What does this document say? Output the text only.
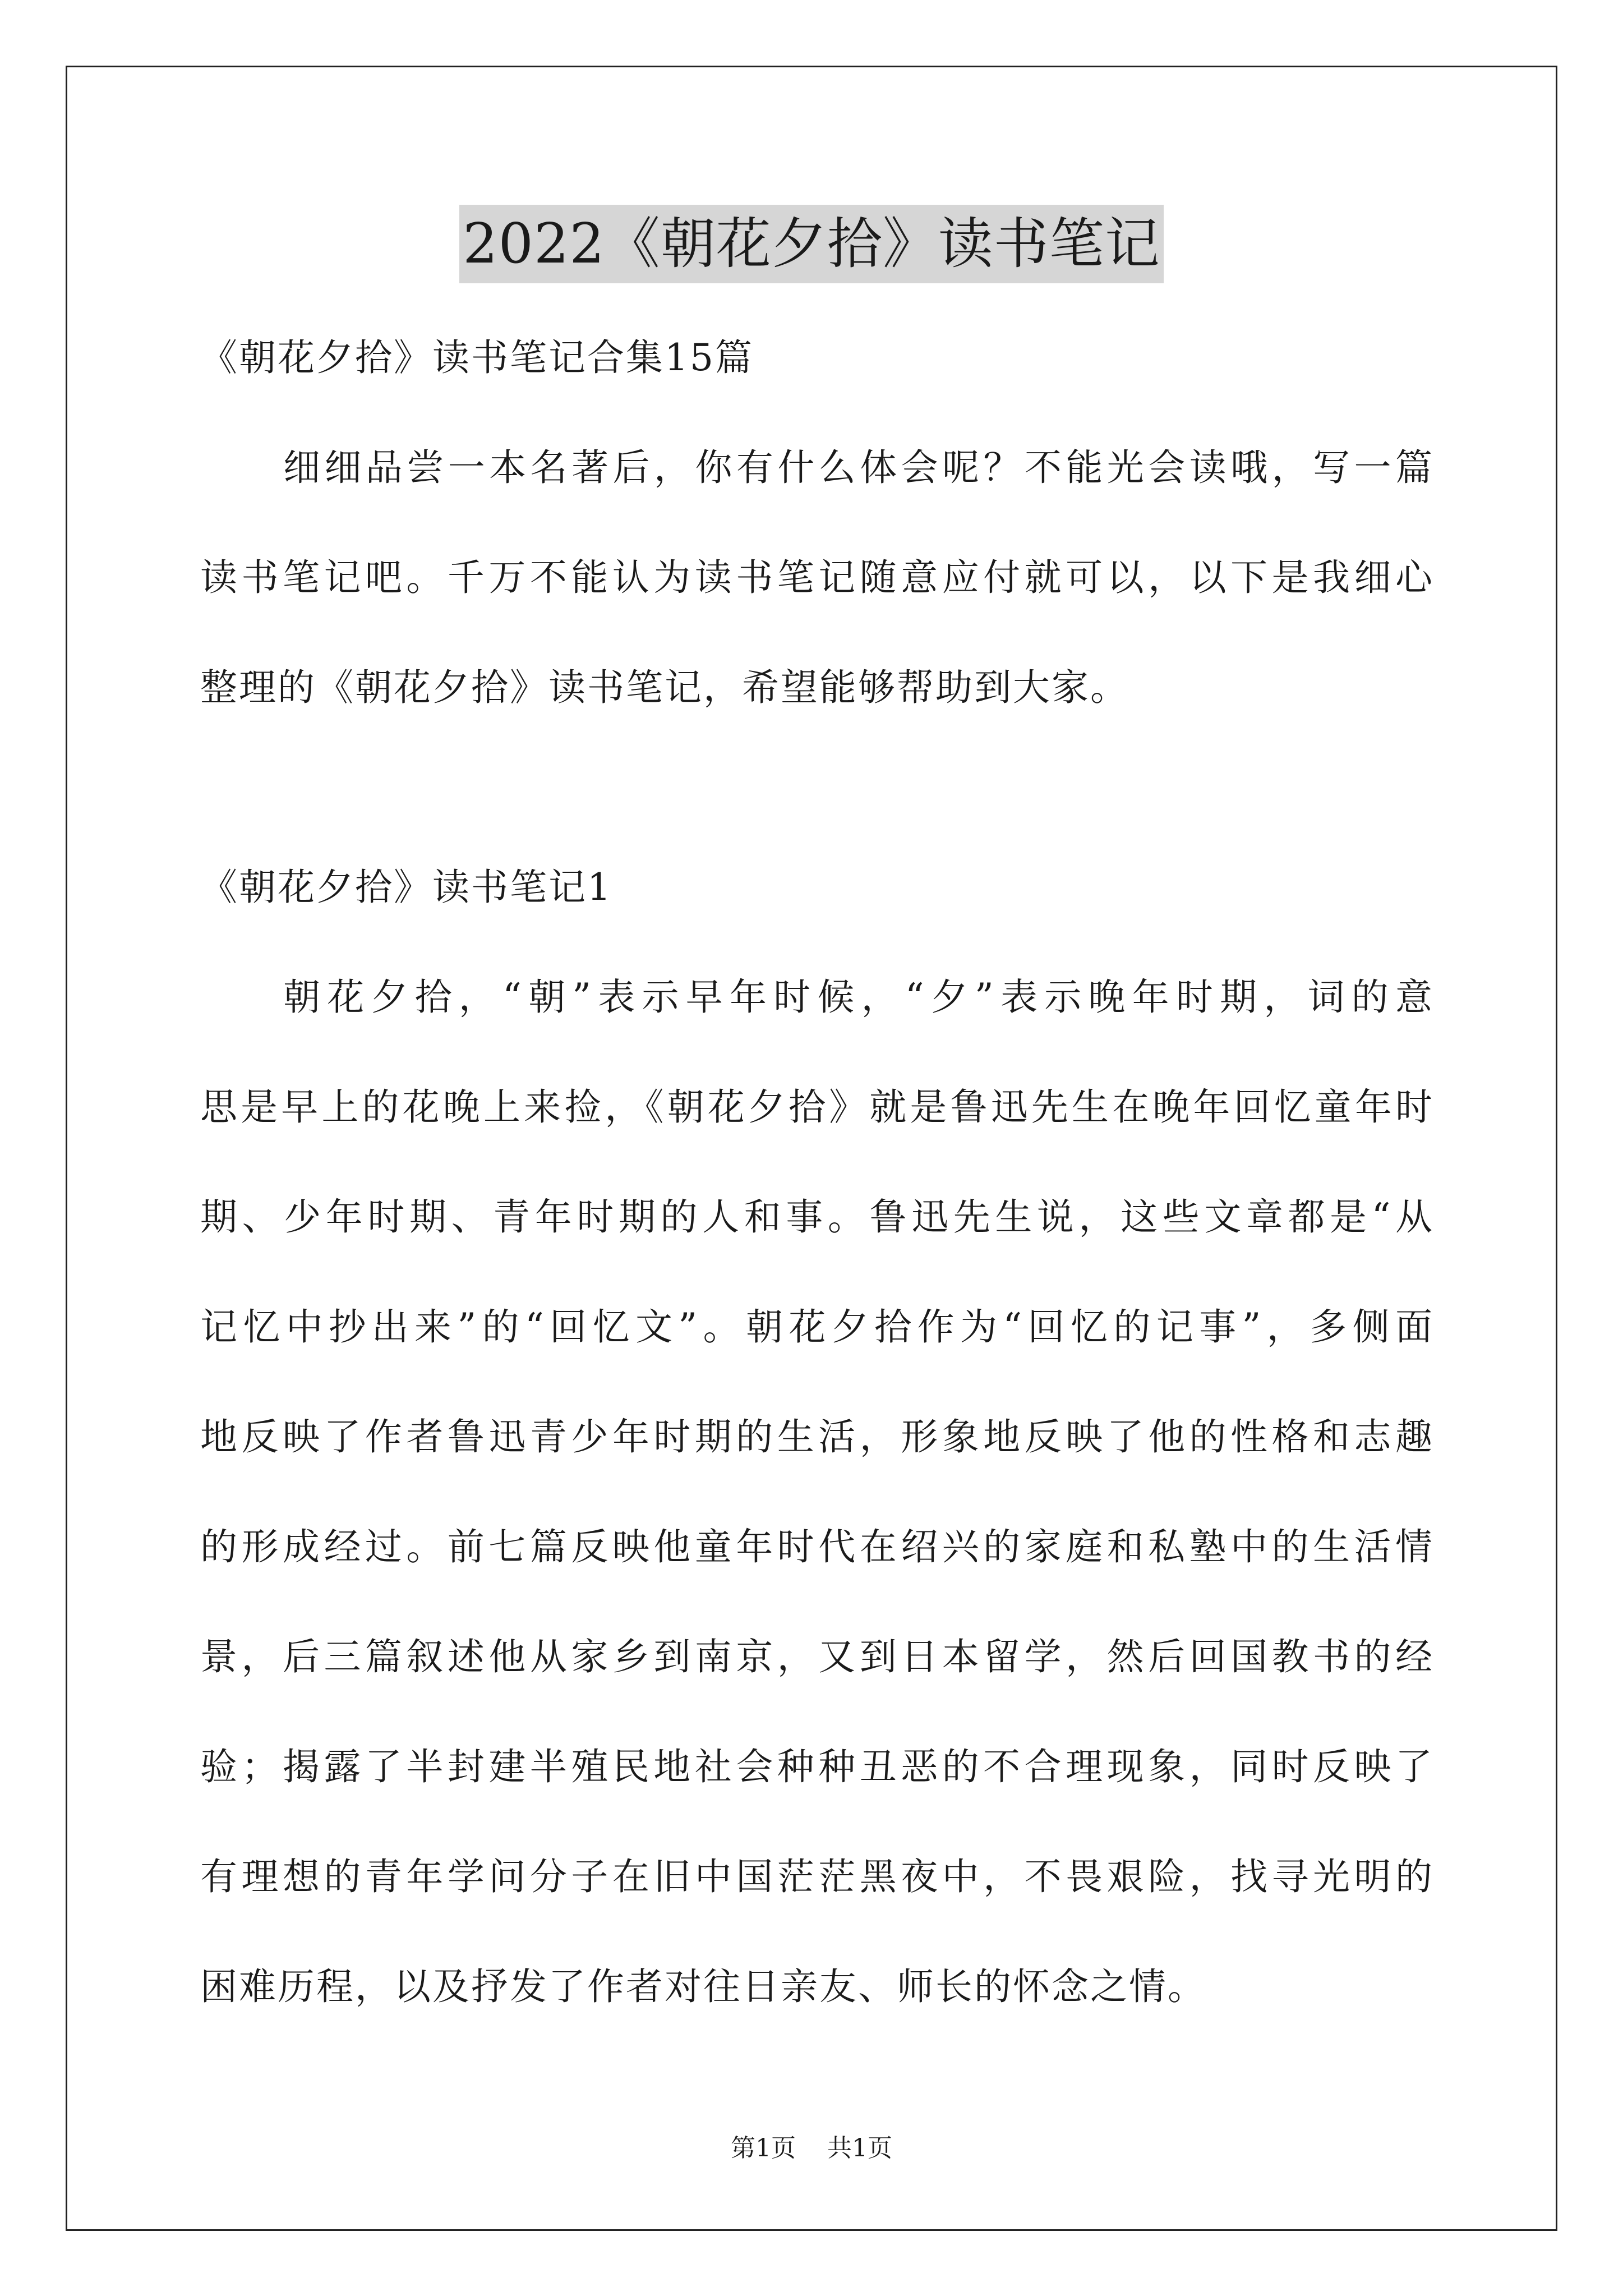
2022《朝花夕拾》读书笔记
《朝花夕拾》读书笔记合集15篇
细细品尝一本名著后，你有什么体会呢？不能光会读哦，写一篇
读书笔记吧。千万不能认为读书笔记随意应付就可以，以下是我细心
整理的《朝花夕拾》读书笔记，希望能够帮助到大家。
《朝花夕拾》读书笔记1
朝花夕拾，“朝”表示早年时候，“夕”表示晚年时期，词的意
思是早上的花晚上来捡，《朝花夕拾》就是鲁迅先生在晚年回忆童年时
期、少年时期、青年时期的人和事。鲁迅先生说，这些文章都是“从
记忆中抄出来”的“回忆文”。朝花夕拾作为“回忆的记事”，多侧面
地反映了作者鲁迅青少年时期的生活，形象地反映了他的性格和志趣
的形成经过。前七篇反映他童年时代在绍兴的家庭和私塾中的生活情
景，后三篇叙述他从家乡到南京，又到日本留学，然后回国教书的经
验；揭露了半封建半殖民地社会种种丑恶的不合理现象，同时反映了
有理想的青年学问分子在旧中国茫茫黑夜中，不畏艰险，找寻光明的
困难历程，以及抒发了作者对往日亲友、师长的怀念之情。
第1页 共1页
